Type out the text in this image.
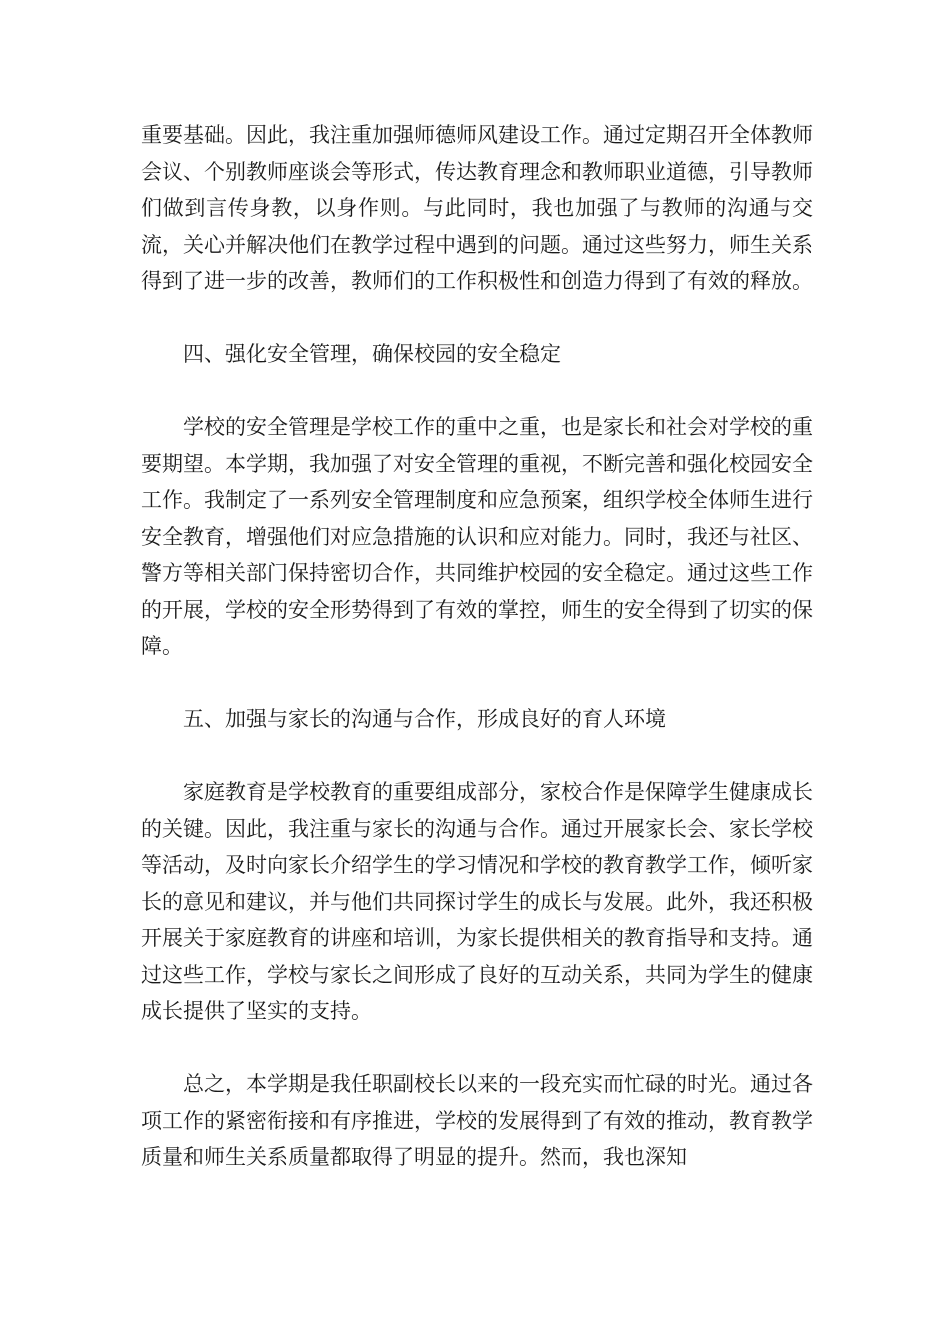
重要基础。因此，我注重加强师德师风建设工作。通过定期召开全体教师会议、个别教师座谈会等形式，传达教育理念和教师职业道德，引导教师们做到言传身教，以身作则。与此同时，我也加强了与教师的沟通与交流，关心并解决他们在教学过程中遇到的问题。通过这些努力，师生关系得到了进一步的改善，教师们的工作积极性和创造力得到了有效的释放。

四、强化安全管理，确保校园的安全稳定

学校的安全管理是学校工作的重中之重，也是家长和社会对学校的重要期望。本学期，我加强了对安全管理的重视，不断完善和强化校园安全工作。我制定了一系列安全管理制度和应急预案，组织学校全体师生进行安全教育，增强他们对应急措施的认识和应对能力。同时，我还与社区、警方等相关部门保持密切合作，共同维护校园的安全稳定。通过这些工作的开展，学校的安全形势得到了有效的掌控，师生的安全得到了切实的保障。

五、加强与家长的沟通与合作，形成良好的育人环境

家庭教育是学校教育的重要组成部分，家校合作是保障学生健康成长的关键。因此，我注重与家长的沟通与合作。通过开展家长会、家长学校等活动，及时向家长介绍学生的学习情况和学校的教育教学工作，倾听家长的意见和建议，并与他们共同探讨学生的成长与发展。此外，我还积极开展关于家庭教育的讲座和培训，为家长提供相关的教育指导和支持。通过这些工作，学校与家长之间形成了良好的互动关系，共同为学生的健康成长提供了坚实的支持。

总之，本学期是我任职副校长以来的一段充实而忙碌的时光。通过各项工作的紧密衔接和有序推进，学校的发展得到了有效的推动，教育教学质量和师生关系质量都取得了明显的提升。然而，我也深知
